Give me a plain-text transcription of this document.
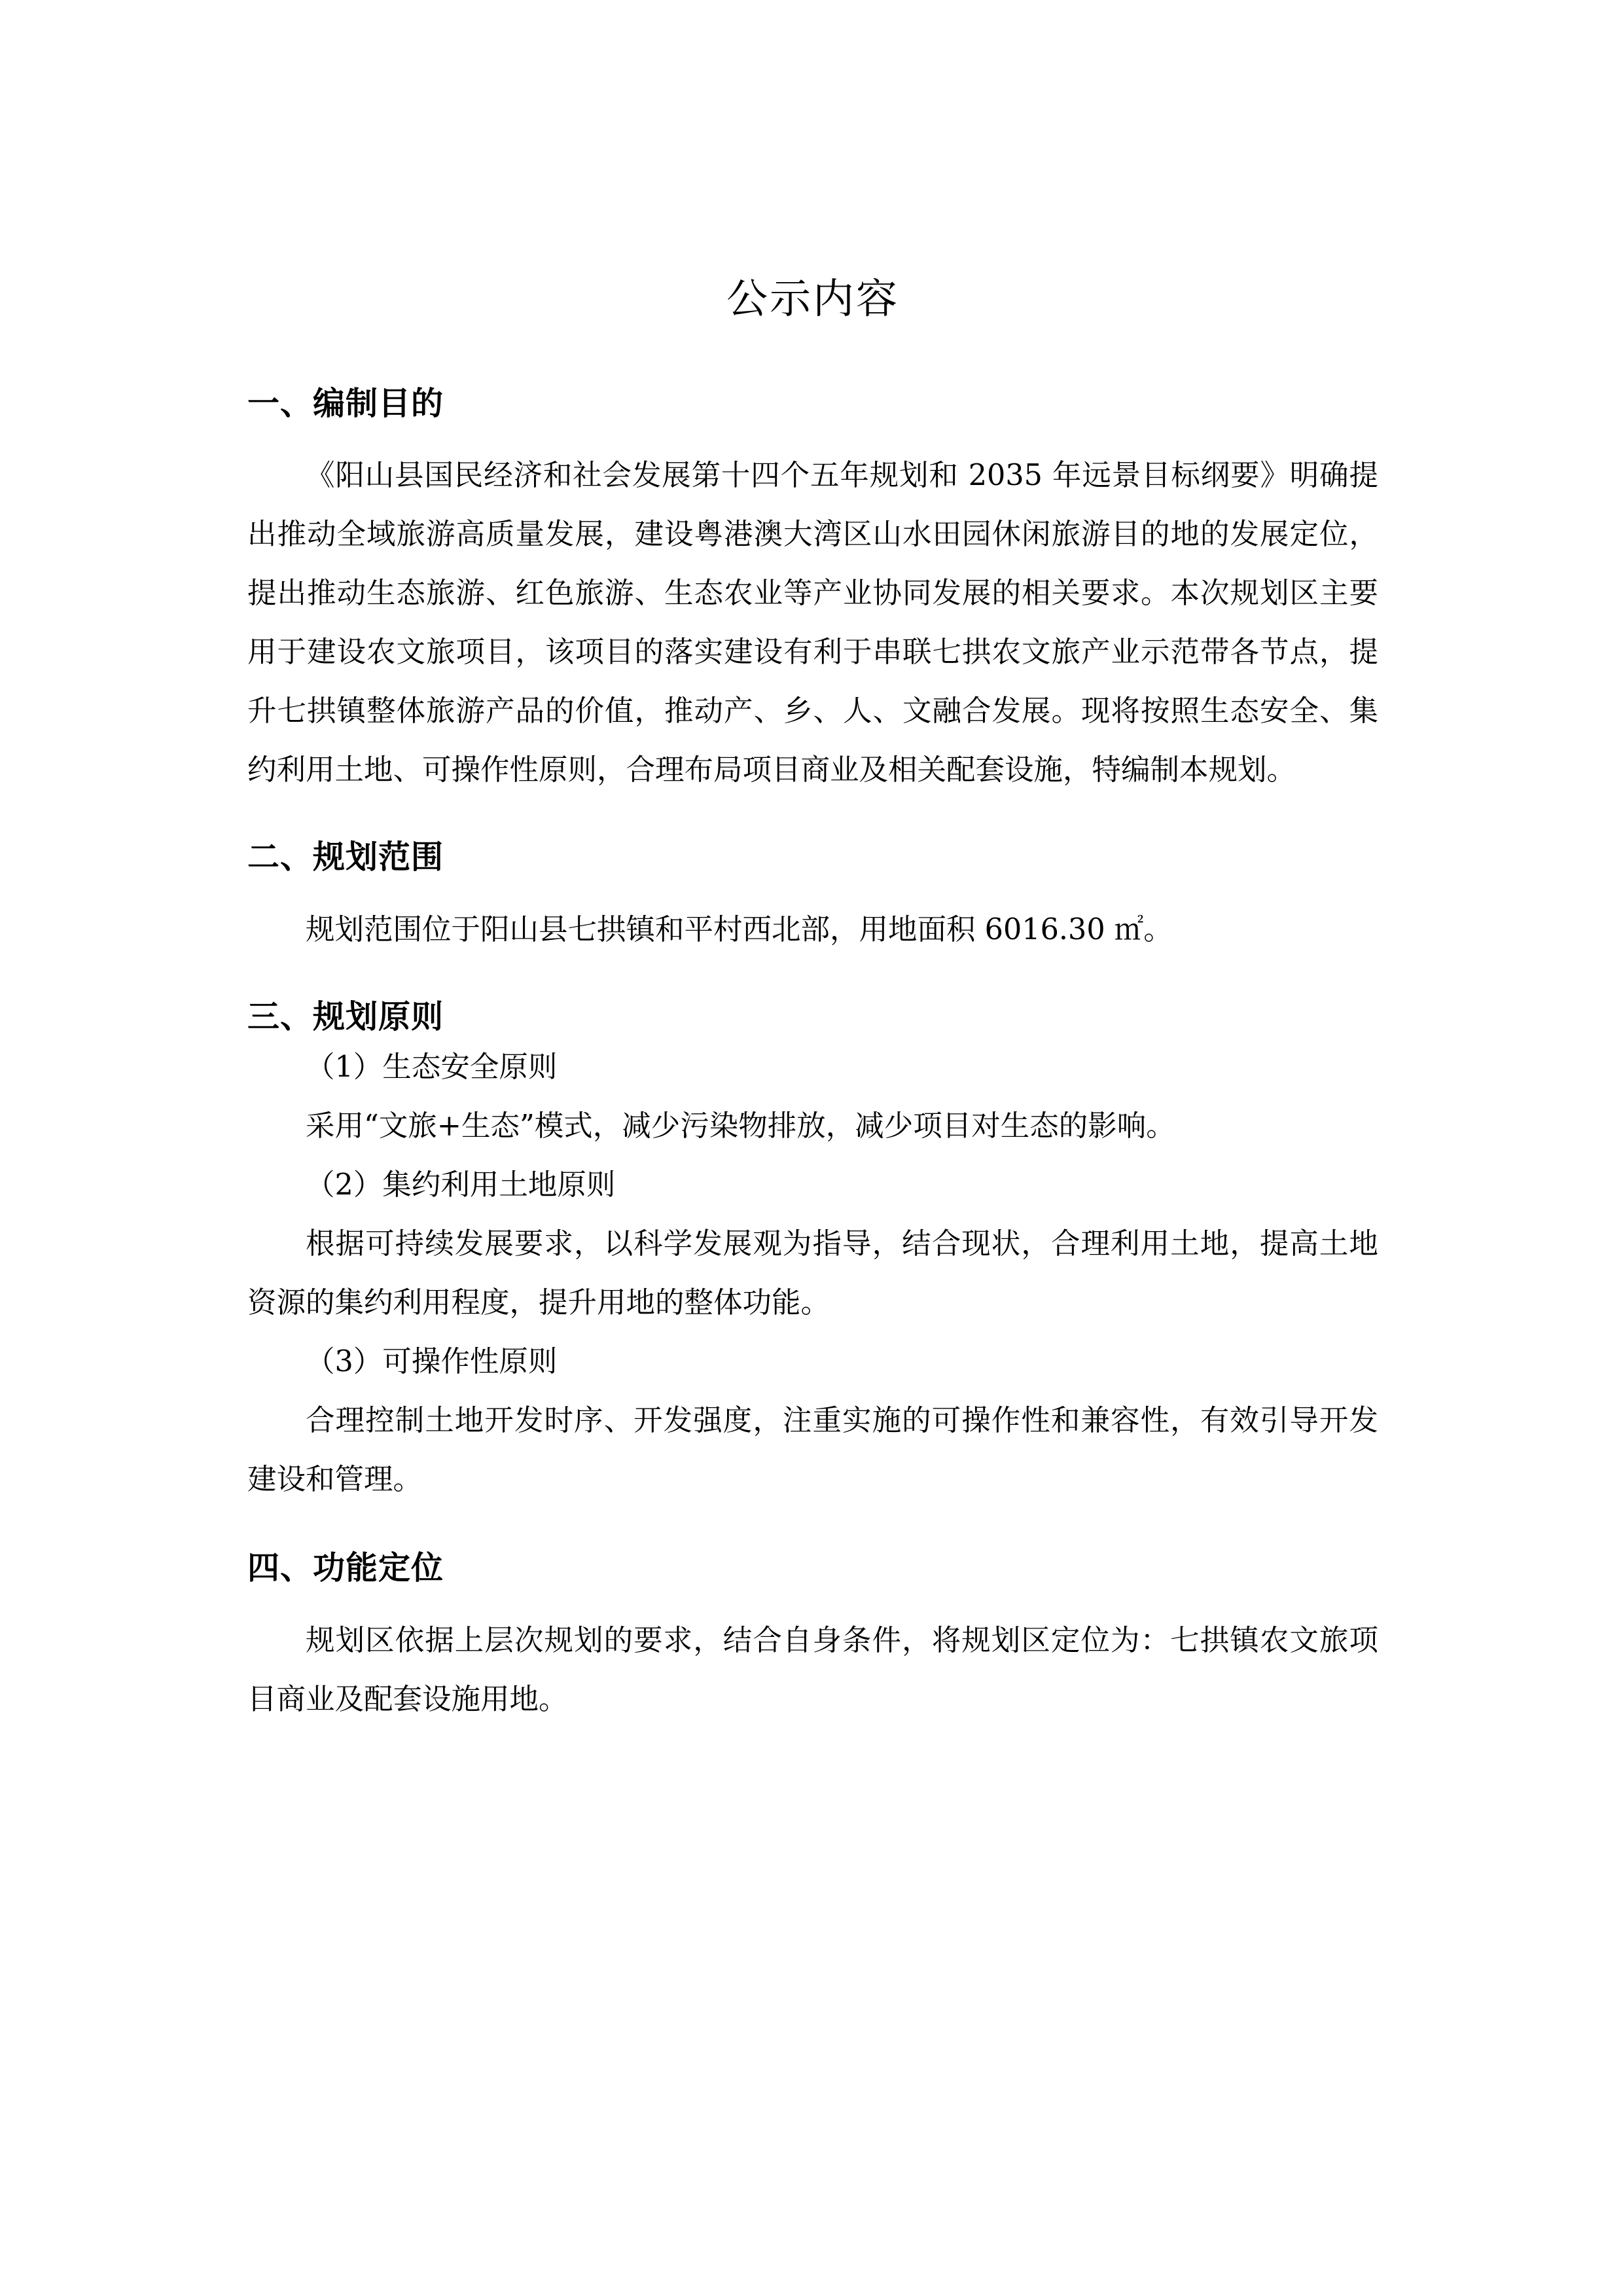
公示内容
一、编制目的

《阳山县国民经济和社会发展第十四个五年规划和 2035 年远景目标纲要》明确提出推动全域旅游高质量发展，建设粤港澳大湾区山水田园休闲旅游目的地的发展定位，提出推动生态旅游、红色旅游、生态农业等产业协同发展的相关要求。本次规划区主要用于建设农文旅项目，该项目的落实建设有利于串联七拱农文旅产业示范带各节点，提升七拱镇整体旅游产品的价值，推动产、乡、人、文融合发展。现将按照生态安全、集约利用土地、可操作性原则，合理布局项目商业及相关配套设施，特编制本规划。

二、规划范围

规划范围位于阳山县七拱镇和平村西北部，用地面积 6016.30 ㎡。

三、规划原则

（1）生态安全原则

采用“文旅+生态”模式，减少污染物排放，减少项目对生态的影响。

（2）集约利用土地原则

根据可持续发展要求，以科学发展观为指导，结合现状，合理利用土地，提高土地资源的集约利用程度，提升用地的整体功能。

（3）可操作性原则

合理控制土地开发时序、开发强度，注重实施的可操作性和兼容性，有效引导开发建设和管理。

四、功能定位

规划区依据上层次规划的要求，结合自身条件，将规划区定位为：七拱镇农文旅项目商业及配套设施用地。
